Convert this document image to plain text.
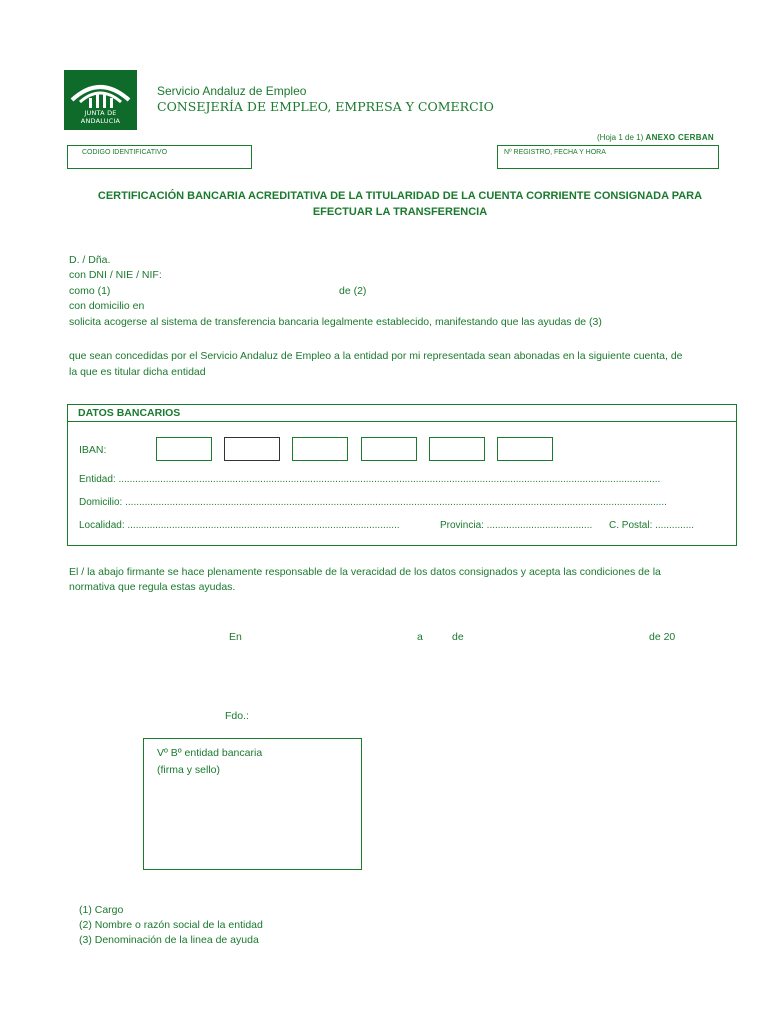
JUNTA DE ANDALUCIA
Servicio Andaluz de Empleo
CONSEJERÍA DE EMPLEO, EMPRESA Y COMERCIO
(Hoja 1 de 1) ANEXO CERBAN
CODIGO IDENTIFICATIVO	Nº REGISTRO, FECHA Y HORA
CERTIFICACIÓN BANCARIA ACREDITATIVA DE LA TITULARIDAD DE LA CUENTA CORRIENTE CONSIGNADA PARA
EFECTUAR LA TRANSFERENCIA
D. / Dña.
con DNI / NIE / NIF:
como (1)	de (2)
con domicilio en
solicita acogerse al sistema de transferencia bancaria legalmente establecido, manifestando que las ayudas de (3)
que sean concedidas por el Servicio Andaluz de Empleo a la entidad por mi representada sean abonadas en la siguiente cuenta, de
la que es titular dicha entidad
DATOS BANCARIOS
IBAN:
Entidad: ...................................................................................................................................................................................................
Domicilio: ...................................................................................................................................................................................................
Localidad: ..................................................................................................	Provincia: ...................................... C. Postal: ..............
El / la abajo firmante se hace plenamente responsable de la veracidad de los datos consignados y acepta las condiciones de la
normativa que regula estas ayudas.
En	a	de	de 20
Fdo.:
Vº Bº entidad bancaria
(firma y sello)
(1) Cargo
(2) Nombre o razón social de la entidad
(3) Denominación de la linea de ayuda
